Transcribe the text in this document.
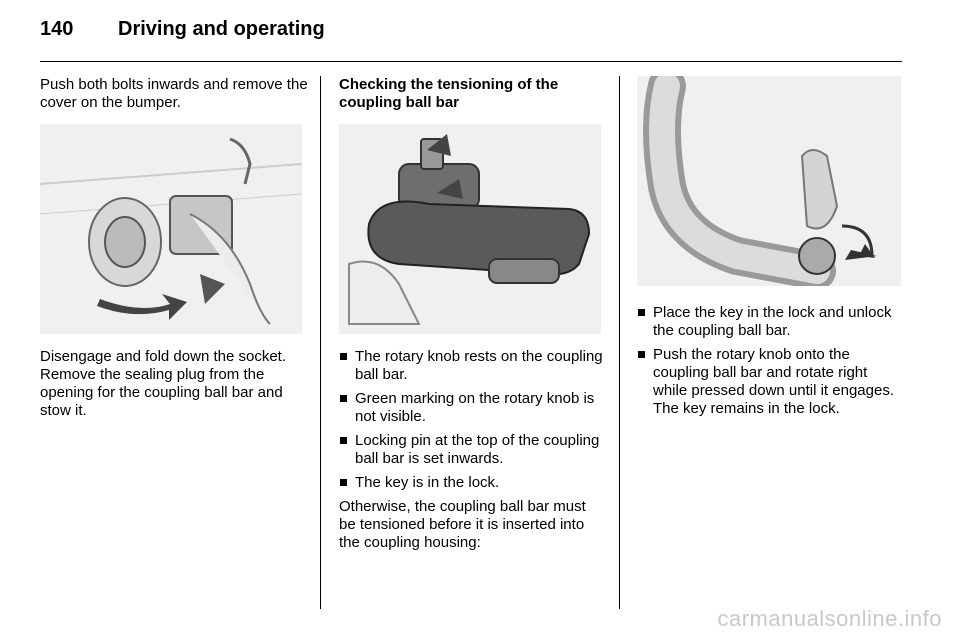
140 Driving and operating

Push both bolts inwards and remove the cover on the bumper.

Disengage and fold down the socket. Remove the sealing plug from the opening for the coupling ball bar and stow it.

Checking the tensioning of the coupling ball bar

The rotary knob rests on the coupling ball bar.
Green marking on the rotary knob is not visible.
Locking pin at the top of the coupling ball bar is set inwards.
The key is in the lock.

Otherwise, the coupling ball bar must be tensioned before it is inserted into the coupling housing:

Place the key in the lock and unlock the coupling ball bar.
Push the rotary knob onto the coupling ball bar and rotate right while pressed down until it engages. The key remains in the lock.
carmanualsonline.info
